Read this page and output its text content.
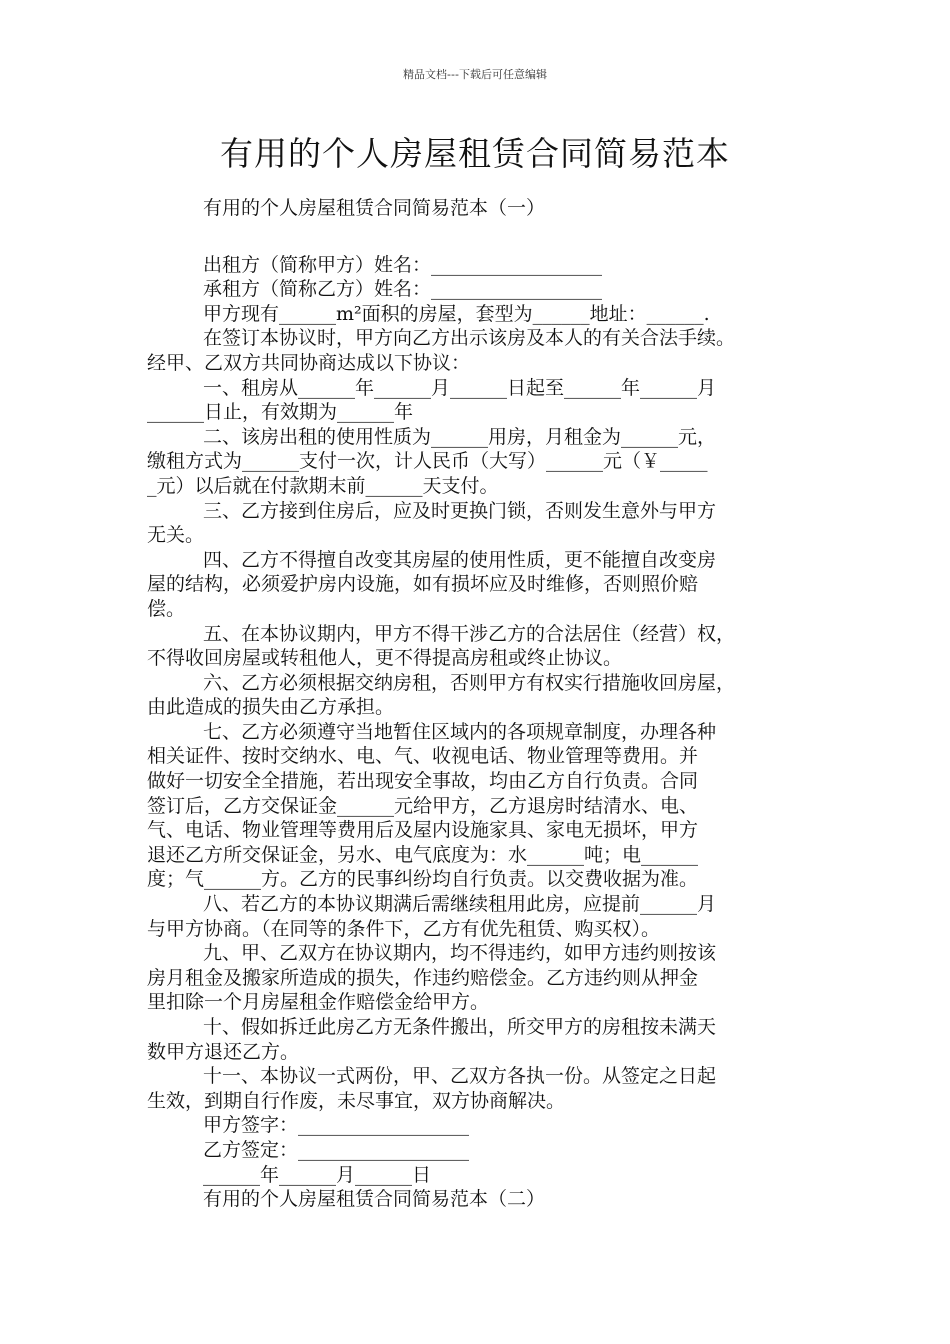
精品文档---下载后可任意编辑
有用的个人房屋租赁合同简易范本
有用的个人房屋租赁合同简易范本（一）
出租方（简称甲方）姓名：__________________
承租方（简称乙方）姓名：__________________
甲方现有______m²面积的房屋，套型为______地址：______.
在签订本协议时，甲方向乙方出示该房及本人的有关合法手续。
经甲、乙双方共同协商达成以下协议：
一、租房从______年______月______日起至______年______月
______日止，有效期为______年
二、该房出租的使用性质为______用房，月租金为______元，
缴租方式为______支付一次，计人民币（大写）______元（￥_____
_元）以后就在付款期末前______天支付。
三、乙方接到住房后，应及时更换门锁，否则发生意外与甲方
无关。
四、乙方不得擅自改变其房屋的使用性质，更不能擅自改变房
屋的结构，必须爱护房内设施，如有损坏应及时维修，否则照价赔
偿。
五、在本协议期内，甲方不得干涉乙方的合法居住（经营）权，
不得收回房屋或转租他人，更不得提高房租或终止协议。
六、乙方必须根据交纳房租，否则甲方有权实行措施收回房屋，
由此造成的损失由乙方承担。
七、乙方必须遵守当地暂住区域内的各项规章制度，办理各种
相关证件、按时交纳水、电、气、收视电话、物业管理等费用。并
做好一切安全全措施，若出现安全事故，均由乙方自行负责。合同
签订后，乙方交保证金______元给甲方，乙方退房时结清水、电、
气、电话、物业管理等费用后及屋内设施家具、家电无损坏，甲方
退还乙方所交保证金，另水、电气底度为：水______吨；电______
度；气______方。乙方的民事纠纷均自行负责。以交费收据为准。
八、若乙方的本协议期满后需继续租用此房，应提前______月
与甲方协商。（在同等的条件下，乙方有优先租赁、购买权）。
九、甲、乙双方在协议期内，均不得违约，如甲方违约则按该
房月租金及搬家所造成的损失，作违约赔偿金。乙方违约则从押金
里扣除一个月房屋租金作赔偿金给甲方。
十、假如拆迁此房乙方无条件搬出，所交甲方的房租按未满天
数甲方退还乙方。
十一、本协议一式两份，甲、乙双方各执一份。从签定之日起
生效，到期自行作废，未尽事宜，双方协商解决。
甲方签字：__________________
乙方签定：__________________
______年______月______日
有用的个人房屋租赁合同简易范本（二）
